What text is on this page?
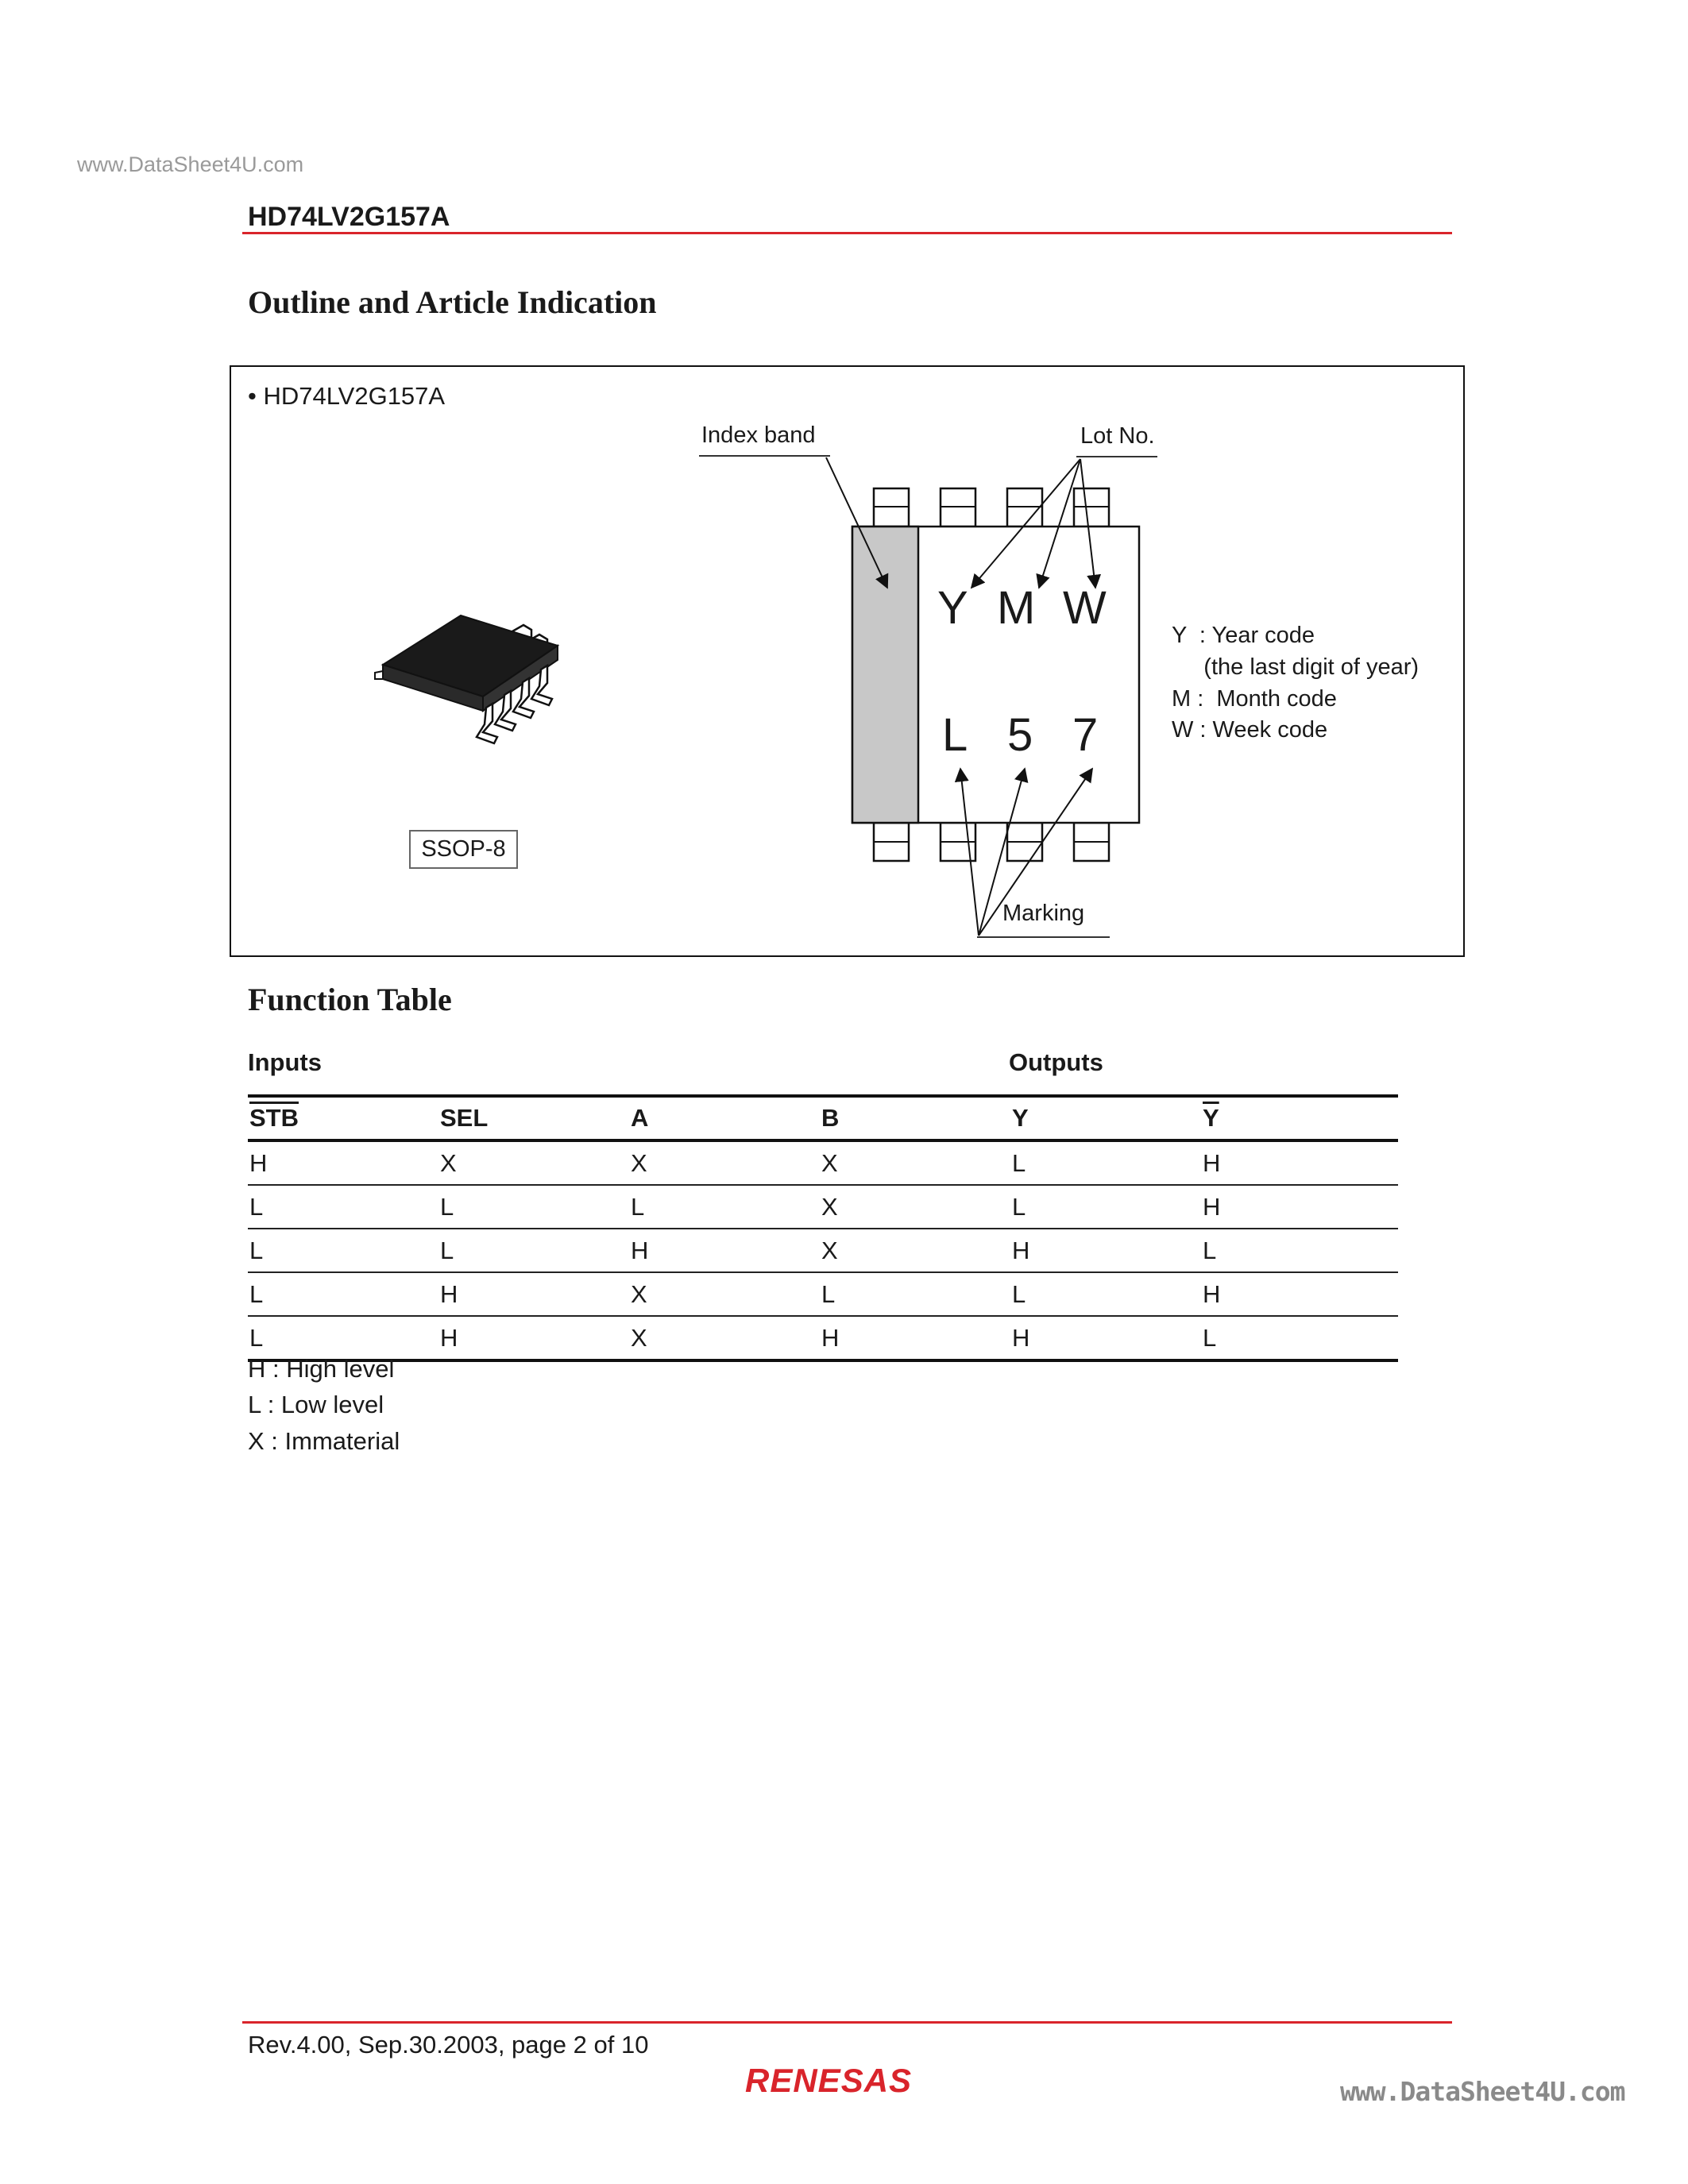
www.DataSheet4U.com
HD74LV2G157A
Outline and Article Indication
• HD74LV2G157A
SSOP-8
Index band	Lot No.
Marking
Y M W
L 5 7
Y  : Year code
(the last digit of year)
M :  Month code
W : Week code
Function Table
Inputs	Outputs
$\overline{STB}$	SEL	A	B	Y	$\overline{Y}$
H	X	X	X	L	H
L	L	L	X	L	H
L	L	H	X	H	L
L	H	X	L	L	H
L	H	X	H	H	L
H : High level
L : Low level
X : Immaterial
Rev.4.00, Sep.30.2003, page 2 of 10
RENESAS	www.DataSheet4U.com
